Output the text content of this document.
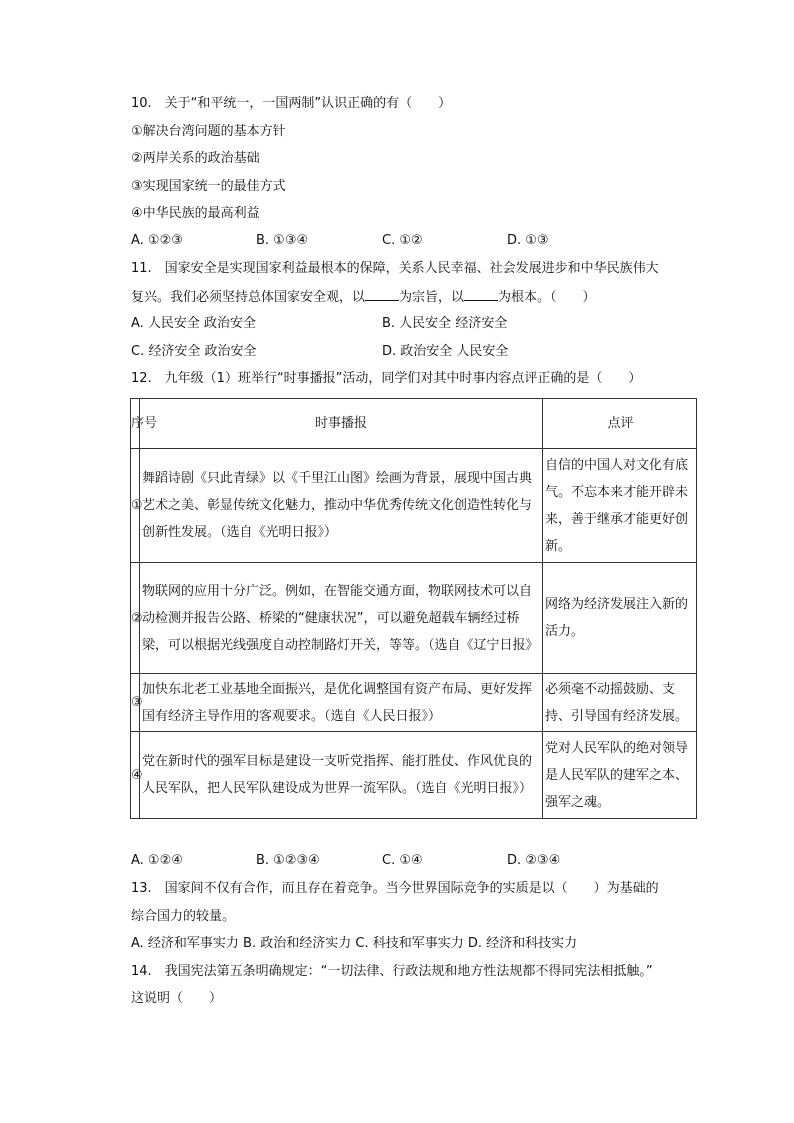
10.　关于“和平统一，一国两制”认识正确的有（　　）
①解决台湾问题的基本方针
②两岸关系的政治基础
③实现国家统一的最佳方式
④中华民族的最高利益
A. ①②③	B. ①③④	C. ①②	D. ①③
11.　国家安全是实现国家利益最根本的保障，关系人民幸福、社会发展进步和中华民族伟大
复兴。我们必须坚持总体国家安全观，以	为宗旨，以	为根本。（　　）
A. 人民安全 政治安全	B. 人民安全 经济安全
C. 经济安全 政治安全	D. 政治安全 人民安全
12.　九年级（1）班举行“时事播报”活动，同学们对其中时事内容点评正确的是（　　）
序号	时事播报	点评

①	舞蹈诗剧《只此青绿》以《千里江山图》绘画为背景，展现中国古典艺术之美、彰显传统文化魅力，推动中华优秀传统文化创造性转化与创新性发展。（选自《光明日报》）	自信的中国人对文化有底气。不忘本来才能开辟未来，善于继承才能更好创新。

②	物联网的应用十分广泛。例如，在智能交通方面，物联网技术可以自动检测并报告公路、桥梁的“健康状况”，可以避免超载车辆经过桥梁，可以根据光线强度自动控制路灯开关，等等。（选自《辽宁日报》	网络为经济发展注入新的活力。

③	加快东北老工业基地全面振兴，是优化调整国有资产布局、更好发挥国有经济主导作用的客观要求。（选自《人民日报》）	必须毫不动摇鼓励、支持、引导国有经济发展。

④	党在新时代的强军目标是建设一支听党指挥、能打胜仗、作风优良的人民军队，把人民军队建设成为世界一流军队。（选自《光明日报》）	党对人民军队的绝对领导是人民军队的建军之本、强军之魂。
A. ①②④	B. ①②③④	C. ①④	D. ②③④
13.　国家间不仅有合作，而且存在着竞争。当今世界国际竞争的实质是以（　　）为基础的
综合国力的较量。
A. 经济和军事实力 B. 政治和经济实力 C. 科技和军事实力 D. 经济和科技实力
14.　我国宪法第五条明确规定：“一切法律、行政法规和地方性法规都不得同宪法相抵触。”
这说明（　　）
